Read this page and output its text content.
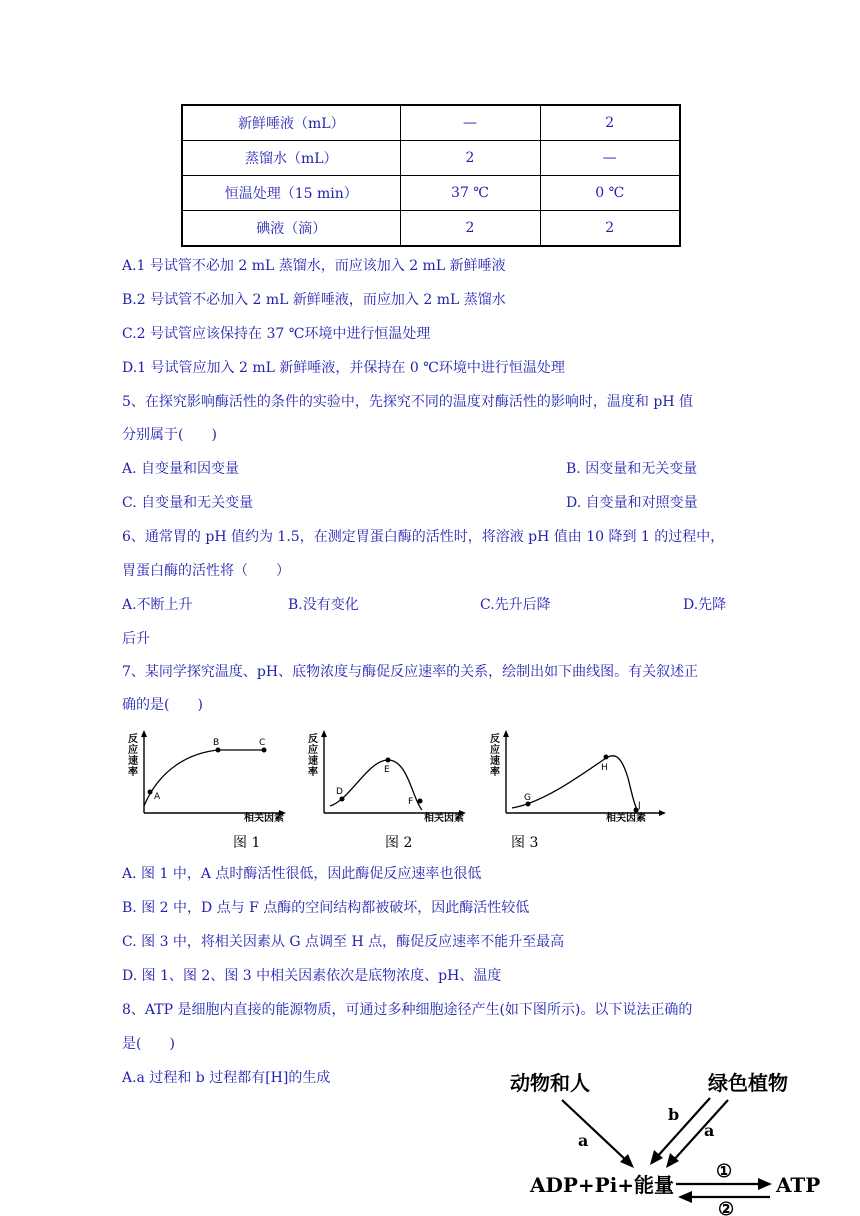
新鲜唾液（mL）	—	2
蒸馏水（mL）	2	—
恒温处理（15 min）	37 ℃	0 ℃
碘液（滴）	2	2
A.1 号试管不必加 2 mL 蒸馏水，而应该加入 2 mL 新鲜唾液
B.2 号试管不必加入 2 mL 新鲜唾液，而应加入 2 mL 蒸馏水
C.2 号试管应该保持在 37 ℃环境中进行恒温处理
D.1 号试管应加入 2 mL 新鲜唾液，并保持在 0 ℃环境中进行恒温处理
5、在探究影响酶活性的条件的实验中，先探究不同的温度对酶活性的影响时，温度和 pH 值
分别属于(　　)
A. 自变量和因变量	B. 因变量和无关变量
C. 自变量和无关变量	D. 自变量和对照变量
6、通常胃的 pH 值约为 1.5，在测定胃蛋白酶的活性时，将溶液 pH 值由 10 降到 1 的过程中，
胃蛋白酶的活性将（　　）
A.不断上升	B.没有变化	C.先升后降	D.先降
后升
7、某同学探究温度、pH、底物浓度与酶促反应速率的关系，绘制出如下曲线图。有关叙述正
确的是(　　)
反
应
速
率
A
B	C
图 1
反
应
速
率
D
E
F
图 2
反
应
速
率
G
H
J
图 3
相关因素	相关因素	相关因素
A. 图 1 中，A 点时酶活性很低，因此酶促反应速率也很低
B. 图 2 中，D 点与 F 点酶的空间结构都被破坏，因此酶活性较低
C. 图 3 中，将相关因素从 G 点调至 H 点，酶促反应速率不能升至最高
D. 图 1、图 2、图 3 中相关因素依次是底物浓度、pH、温度
8、ATP 是细胞内直接的能源物质，可通过多种细胞途径产生(如下图所示)。以下说法正确的
是(　　)
A.a 过程和 b 过程都有[H]的生成	动物和人	绿色植物
a
b
a
ADP+Pi+能量	ATP
①
②
